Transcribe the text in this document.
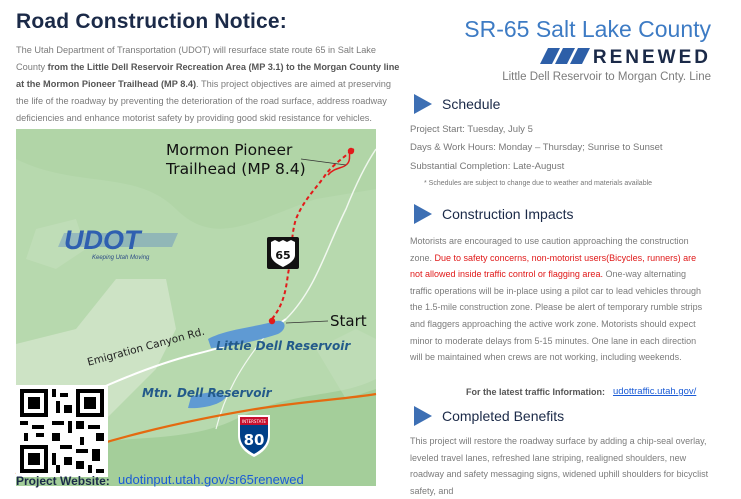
Road Construction Notice:
The Utah Department of Transportation (UDOT) will resurface state route 65 in Salt Lake County from the Little Dell Reservoir Recreation Area (MP 3.1) to the Morgan County line at the Mormon Pioneer Trailhead (MP 8.4). This project objectives are aimed at preserving the life of the roadway by preventing the deterioration of the road surface, address roadway deficiencies and enhance motorist safety by providing good skid resistance for vehicles.
UDOT
65
INTERSTATE
80
Mormon Pioneer
Trailhead (MP 8.4)
Start
Emigration Canyon Rd. Little Dell Reservoir
Mtn. Dell Reservoir
Keeping Utah Moving
Project Website: udotinput.utah.gov/sr65renewed
SR-65 Salt Lake County
RENEWED
Little Dell Reservoir to Morgan Cnty. Line
Schedule
Project Start: Tuesday, July 5
Days & Work Hours: Monday – Thursday; Sunrise to Sunset
Substantial Completion: Late-August
* Schedules are subject to change due to weather and materials available
Construction Impacts
Motorists are encouraged to use caution approaching the construction zone. Due to safety concerns, non-motorist users(Bicycles, runners) are not allowed inside traffic control or flagging area. One-way alternating traffic operations will be in-place using a pilot car to lead vehicles through the 1.5-mile construction zone. Please be alert of temporary rumble strips and flaggers approaching the active work zone. Motorists should expect minor to moderate delays from 5-15 minutes. One lane in each direction will be maintained when crews are not working, including weekends.
For the latest traffic Information: udottraffic.utah.gov/
Completed Benefits
This project will restore the roadway surface by adding a chip-seal overlay, leveled travel lanes, refreshed lane striping, realigned shoulders, new roadway and safety messaging signs, widened uphill shoulders for bicyclist safety, and
